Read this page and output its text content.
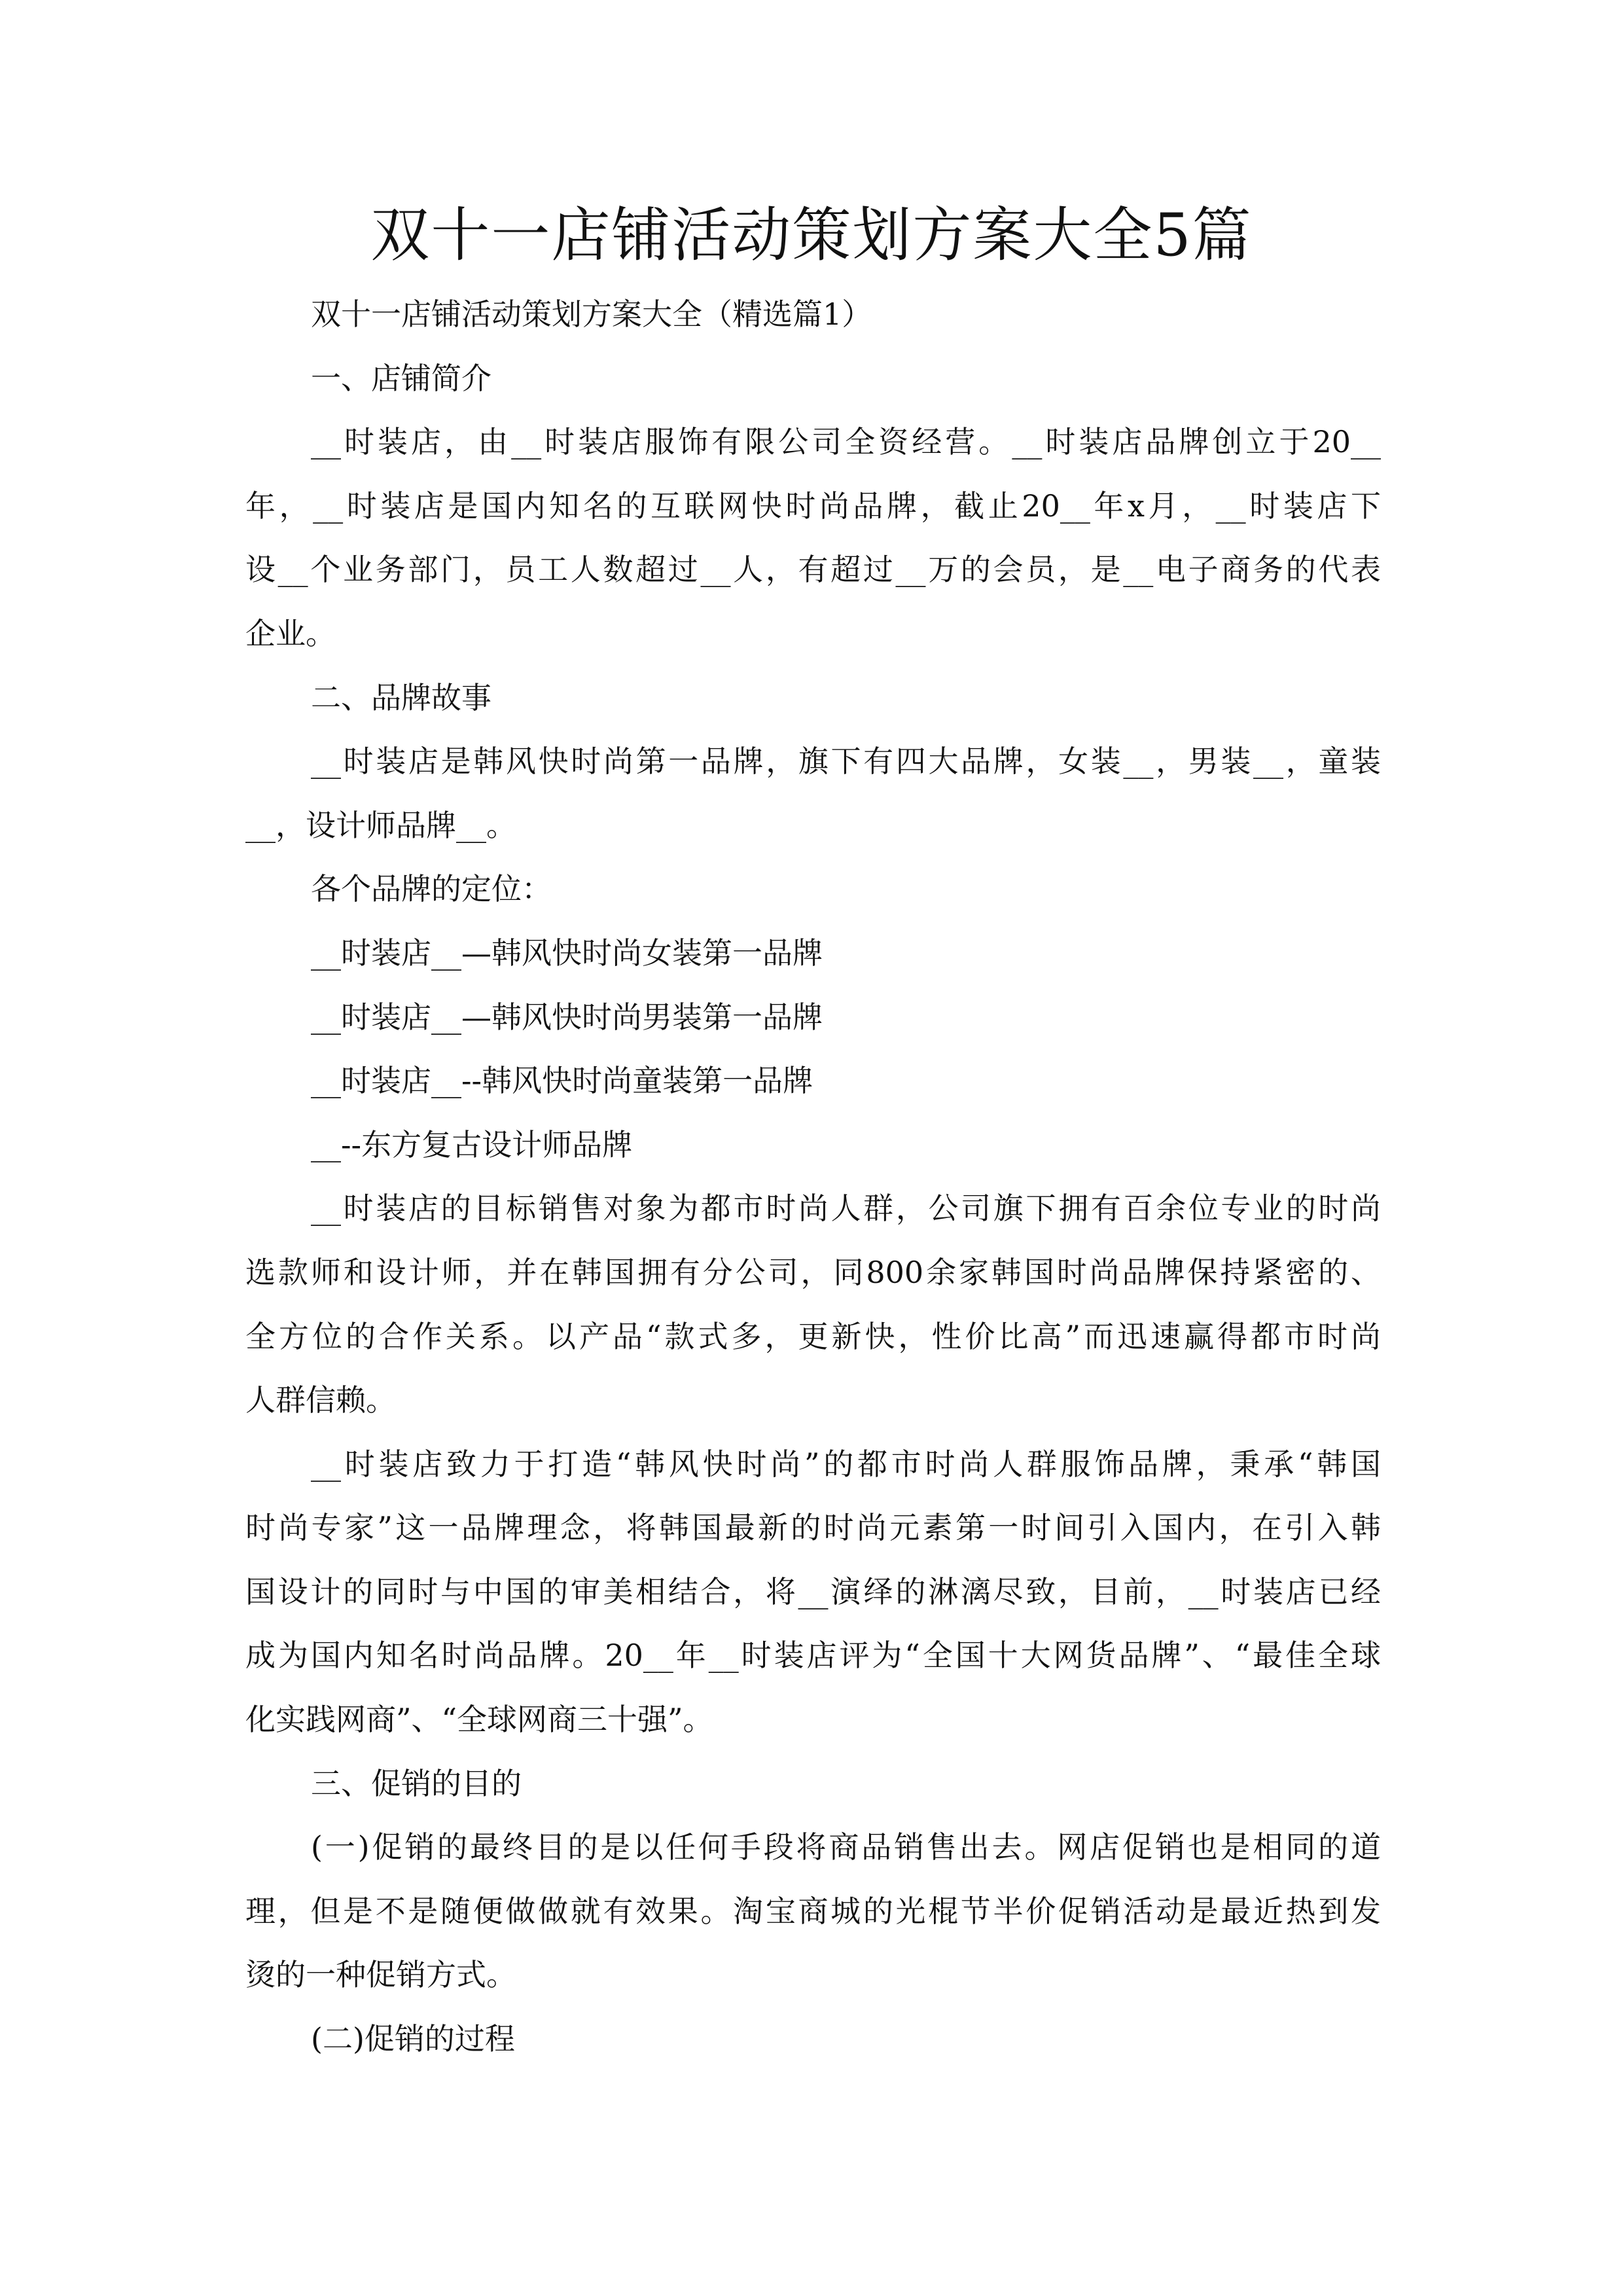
双十一店铺活动策划方案大全5篇

双十一店铺活动策划方案大全（精选篇1）

一、店铺简介

__时装店，由__时装店服饰有限公司全资经营。__时装店品牌创立于20__
年，__时装店是国内知名的互联网快时尚品牌，截止20__年x月，__时装店下
设__个业务部门，员工人数超过__人，有超过__万的会员，是__电子商务的代表
企业。

二、品牌故事

__时装店是韩风快时尚第一品牌，旗下有四大品牌，女装__，男装__，童装
__，设计师品牌__。

各个品牌的定位：

__时装店__—韩风快时尚女装第一品牌

__时装店__—韩风快时尚男装第一品牌

__时装店__--韩风快时尚童装第一品牌

__--东方复古设计师品牌

__时装店的目标销售对象为都市时尚人群，公司旗下拥有百余位专业的时尚
选款师和设计师，并在韩国拥有分公司，同800余家韩国时尚品牌保持紧密的、
全方位的合作关系。以产品“款式多，更新快，性价比高”而迅速赢得都市时尚
人群信赖。
__时装店致力于打造“韩风快时尚”的都市时尚人群服饰品牌，秉承“韩国
时尚专家”这一品牌理念，将韩国最新的时尚元素第一时间引入国内，在引入韩
国设计的同时与中国的审美相结合，将__演绎的淋漓尽致，目前，__时装店已经
成为国内知名时尚品牌。20__年__时装店评为“全国十大网货品牌”、“最佳全球
化实践网商”、“全球网商三十强”。

三、促销的目的

(一)促销的最终目的是以任何手段将商品销售出去。网店促销也是相同的道
理，但是不是随便做做就有效果。淘宝商城的光棍节半价促销活动是最近热到发
烫的一种促销方式。

(二)促销的过程
